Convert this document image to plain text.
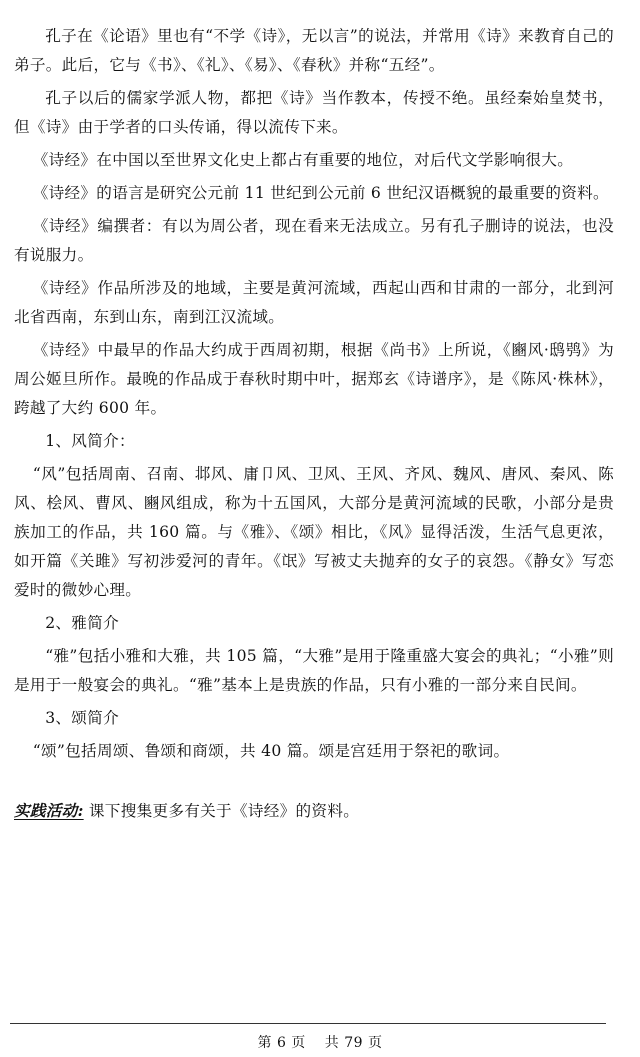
孔子在《论语》里也有“不学《诗》，无以言”的说法，并常用《诗》来教育自己的弟子。此后，它与《书》、《礼》、《易》、《春秋》并称“五经”。

孔子以后的儒家学派人物，都把《诗》当作教本，传授不绝。虽经秦始皇焚书，但《诗》由于学者的口头传诵，得以流传下来。

《诗经》在中国以至世界文化史上都占有重要的地位，对后代文学影响很大。

《诗经》的语言是研究公元前 11 世纪到公元前 6 世纪汉语概貌的最重要的资料。

《诗经》编撰者：有以为周公者，现在看来无法成立。另有孔子删诗的说法，也没有说服力。

《诗经》作品所涉及的地域，主要是黄河流域，西起山西和甘肃的一部分，北到河北省西南，东到山东，南到江汉流域。

《诗经》中最早的作品大约成于西周初期，根据《尚书》上所说，《豳风·鸱鸮》为周公姬旦所作。最晚的作品成于春秋时期中叶，据郑玄《诗谱序》，是《陈风·株林》，跨越了大约 600 年。

1、风简介：

“风”包括周南、召南、邶风、庸卩风、卫风、王风、齐风、魏风、唐风、秦风、陈风、桧风、曹风、豳风组成，称为十五国风，大部分是黄河流域的民歌，小部分是贵族加工的作品，共 160 篇。与《雅》、《颂》相比，《风》显得活泼，生活气息更浓，如开篇《关雎》写初涉爱河的青年。《氓》写被丈夫抛弃的女子的哀怨。《静女》写恋爱时的微妙心理。

2、雅简介

“雅”包括小雅和大雅，共 105 篇，“大雅”是用于隆重盛大宴会的典礼；“小雅”则是用于一般宴会的典礼。“雅”基本上是贵族的作品，只有小雅的一部分来自民间。

3、颂简介

“颂”包括周颂、鲁颂和商颂，共 40 篇。颂是宫廷用于祭祀的歌词。

实践活动: 课下搜集更多有关于《诗经》的资料。

第 6 页 共 79 页
